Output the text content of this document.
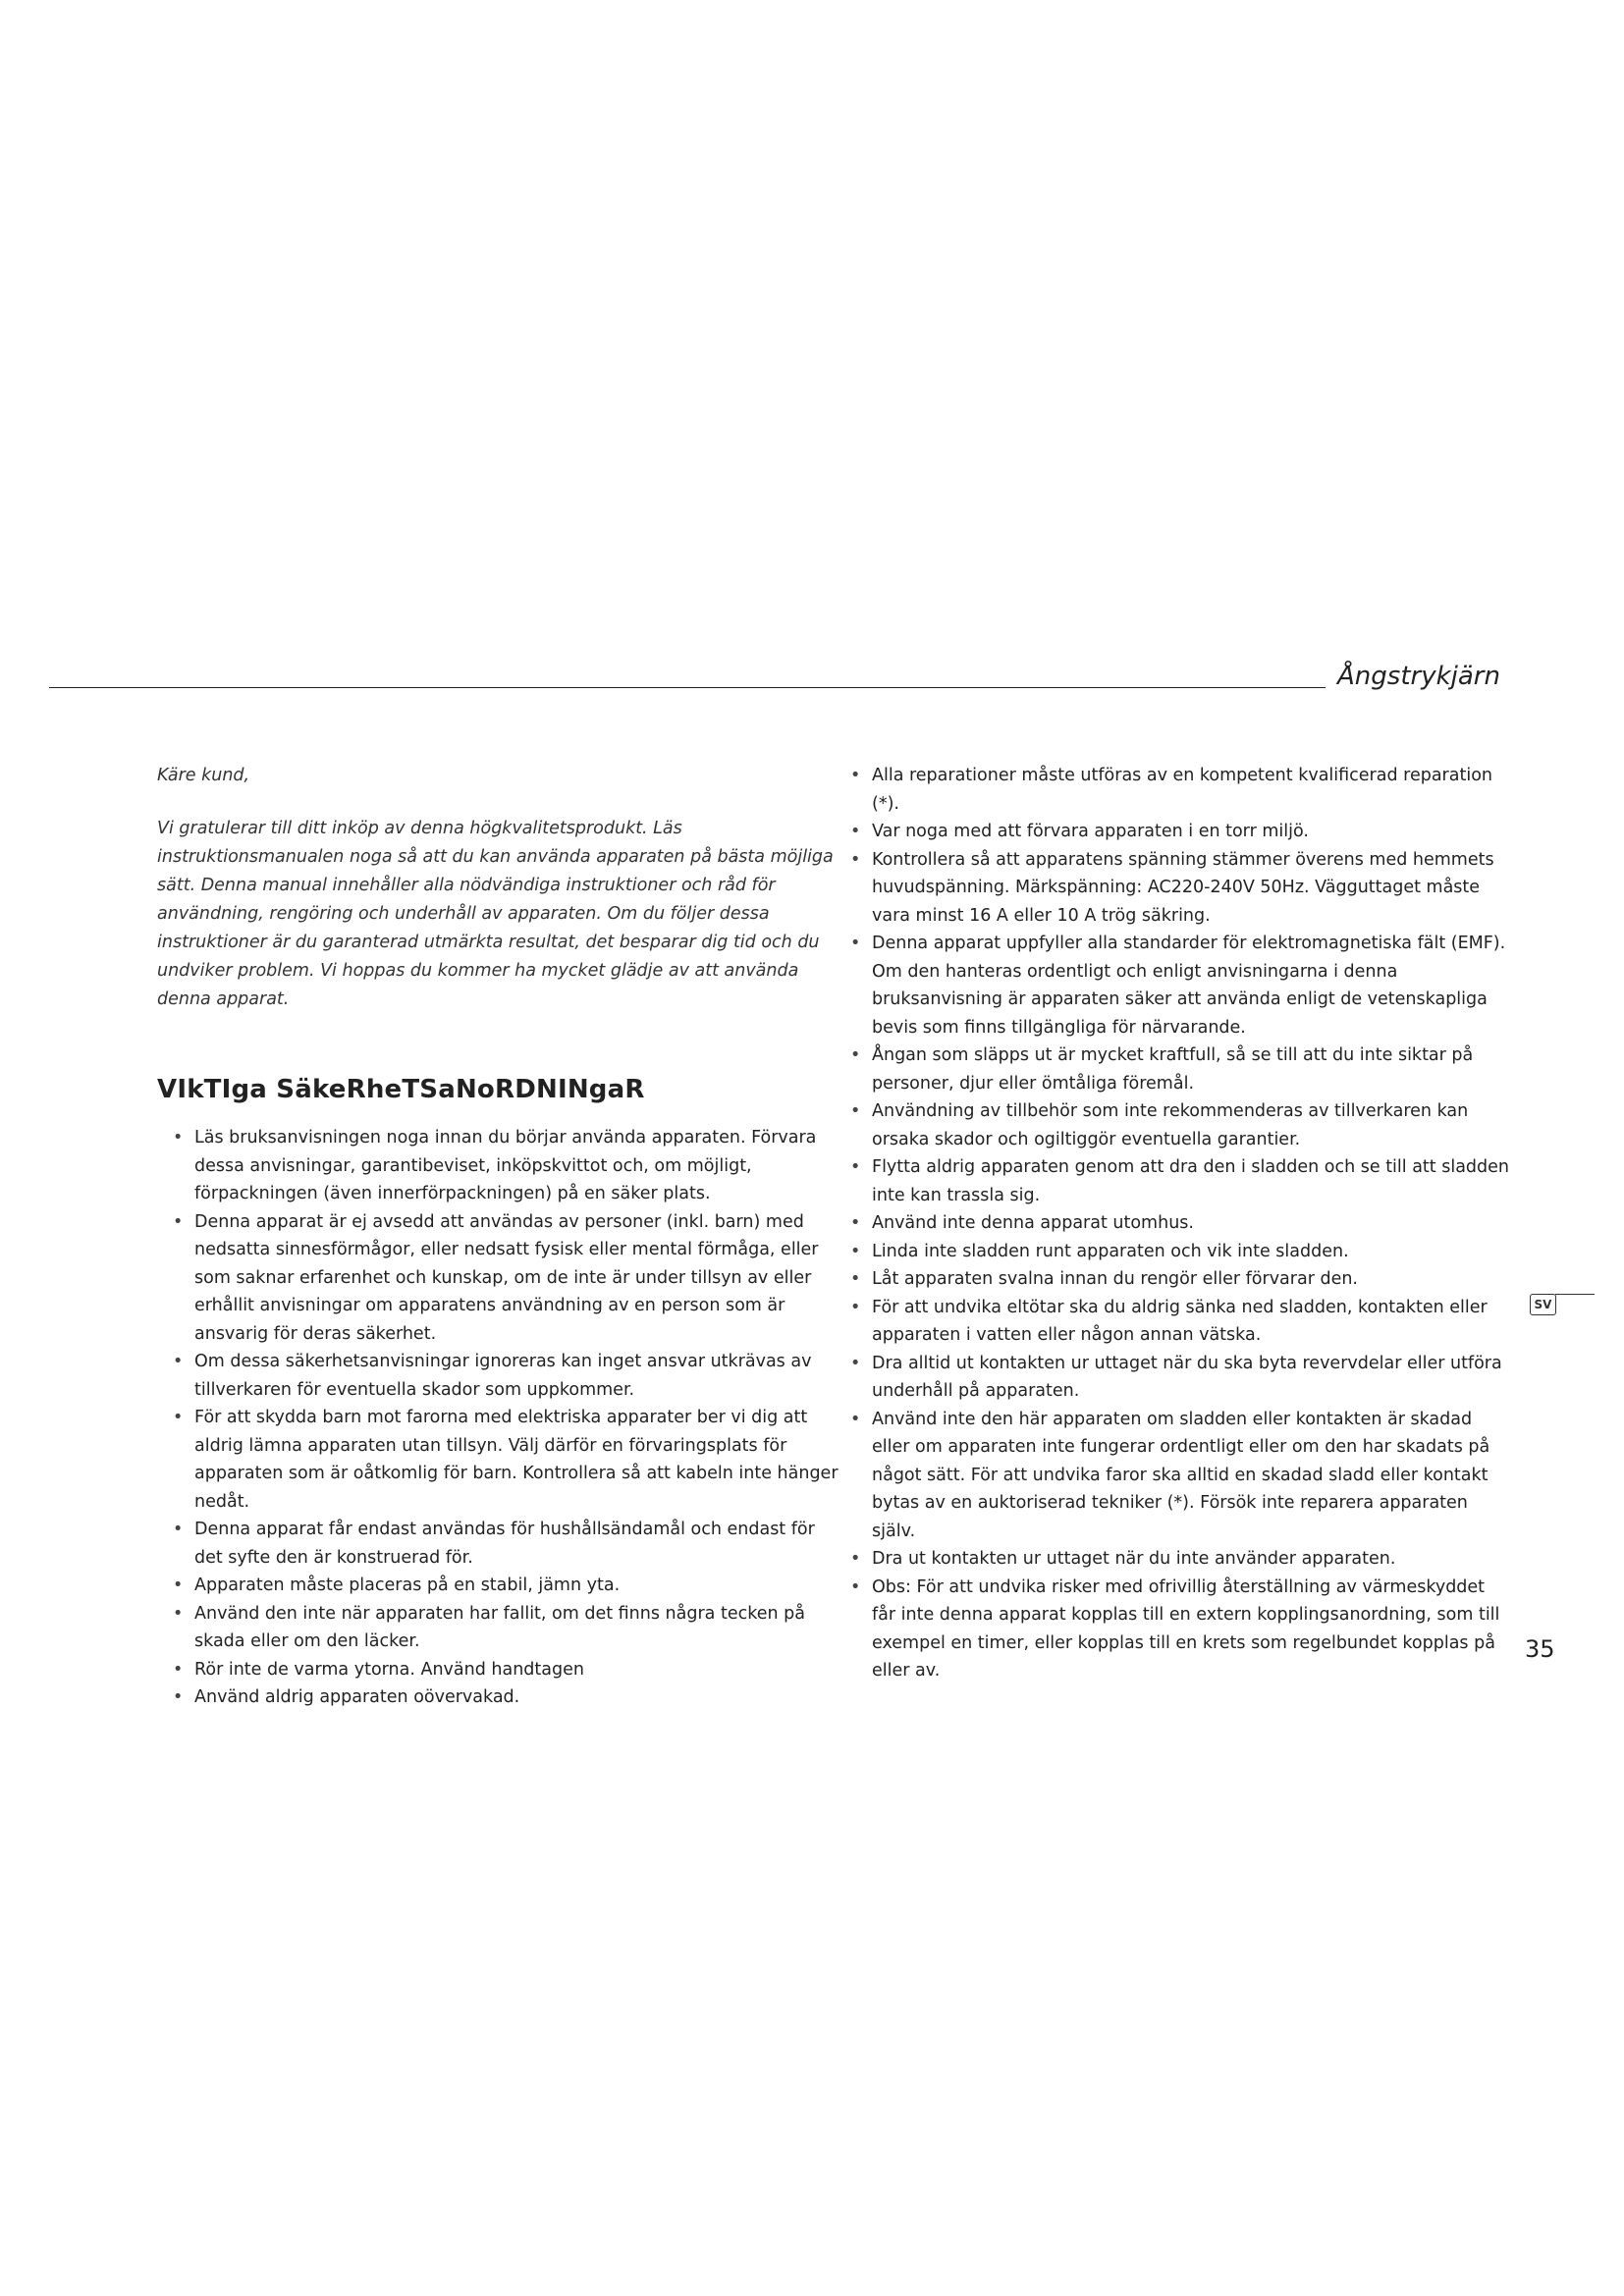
Ångstrykjärn

Käre kund,

Vi gratulerar till ditt inköp av denna högkvalitetsprodukt. Läs instruktionsmanualen noga så att du kan använda apparaten på bästa möjliga sätt. Denna manual innehåller alla nödvändiga instruktioner och råd för användning, rengöring och underhåll av apparaten. Om du följer dessa instruktioner är du garanterad utmärkta resultat, det besparar dig tid och du undviker problem. Vi hoppas du kommer ha mycket glädje av att använda denna apparat.

VIkTIga SäkeRheTSaNoRDNINgaR
• Läs bruksanvisningen noga innan du börjar använda apparaten. Förvara dessa anvisningar, garantibeviset, inköpskvittot och, om möjligt, förpackningen (även innerförpackningen) på en säker plats.
• Denna apparat är ej avsedd att användas av personer (inkl. barn) med nedsatta sinnesförmågor, eller nedsatt fysisk eller mental förmåga, eller som saknar erfarenhet och kunskap, om de inte är under tillsyn av eller erhållit anvisningar om apparatens användning av en person som är ansvarig för deras säkerhet.
• Om dessa säkerhetsanvisningar ignoreras kan inget ansvar utkrävas av tillverkaren för eventuella skador som uppkommer.
• För att skydda barn mot farorna med elektriska apparater ber vi dig att aldrig lämna apparaten utan tillsyn. Välj därför en förvaringsplats för apparaten som är oåtkomlig för barn. Kontrollera så att kabeln inte hänger nedåt.
• Denna apparat får endast användas för hushållsändamål och endast för det syfte den är konstruerad för.
• Apparaten måste placeras på en stabil, jämn yta.
• Använd den inte när apparaten har fallit, om det finns några tecken på skada eller om den läcker.
• Rör inte de varma ytorna. Använd handtagen
• Använd aldrig apparaten oövervakad.
• Alla reparationer måste utföras av en kompetent kvalificerad reparation (*).
• Var noga med att förvara apparaten i en torr miljö.
• Kontrollera så att apparatens spänning stämmer överens med hemmets huvudspänning. Märkspänning: AC220-240V 50Hz. Vägguttaget måste vara minst 16 A eller 10 A trög säkring.
• Denna apparat uppfyller alla standarder för elektromagnetiska fält (EMF). Om den hanteras ordentligt och enligt anvisningarna i denna bruksanvisning är apparaten säker att använda enligt de vetenskapliga bevis som finns tillgängliga för närvarande.
• Ångan som släpps ut är mycket kraftfull, så se till att du inte siktar på personer, djur eller ömtåliga föremål.
• Användning av tillbehör som inte rekommenderas av tillverkaren kan orsaka skador och ogiltiggör eventuella garantier.
• Flytta aldrig apparaten genom att dra den i sladden och se till att sladden inte kan trassla sig.
• Använd inte denna apparat utomhus.
• Linda inte sladden runt apparaten och vik inte sladden.
• Låt apparaten svalna innan du rengör eller förvarar den.
• För att undvika eltötar ska du aldrig sänka ned sladden, kontakten eller apparaten i vatten eller någon annan vätska.
• Dra alltid ut kontakten ur uttaget när du ska byta revervdelar eller utföra underhåll på apparaten.
• Använd inte den här apparaten om sladden eller kontakten är skadad eller om apparaten inte fungerar ordentligt eller om den har skadats på något sätt. För att undvika faror ska alltid en skadad sladd eller kontakt bytas av en auktoriserad tekniker (*). Försök inte reparera apparaten själv.
• Dra ut kontakten ur uttaget när du inte använder apparaten.
• Obs: För att undvika risker med ofrivillig återställning av värmeskyddet får inte denna apparat kopplas till en extern kopplingsanordning, som till exempel en timer, eller kopplas till en krets som regelbundet kopplas på eller av.
SV
35
